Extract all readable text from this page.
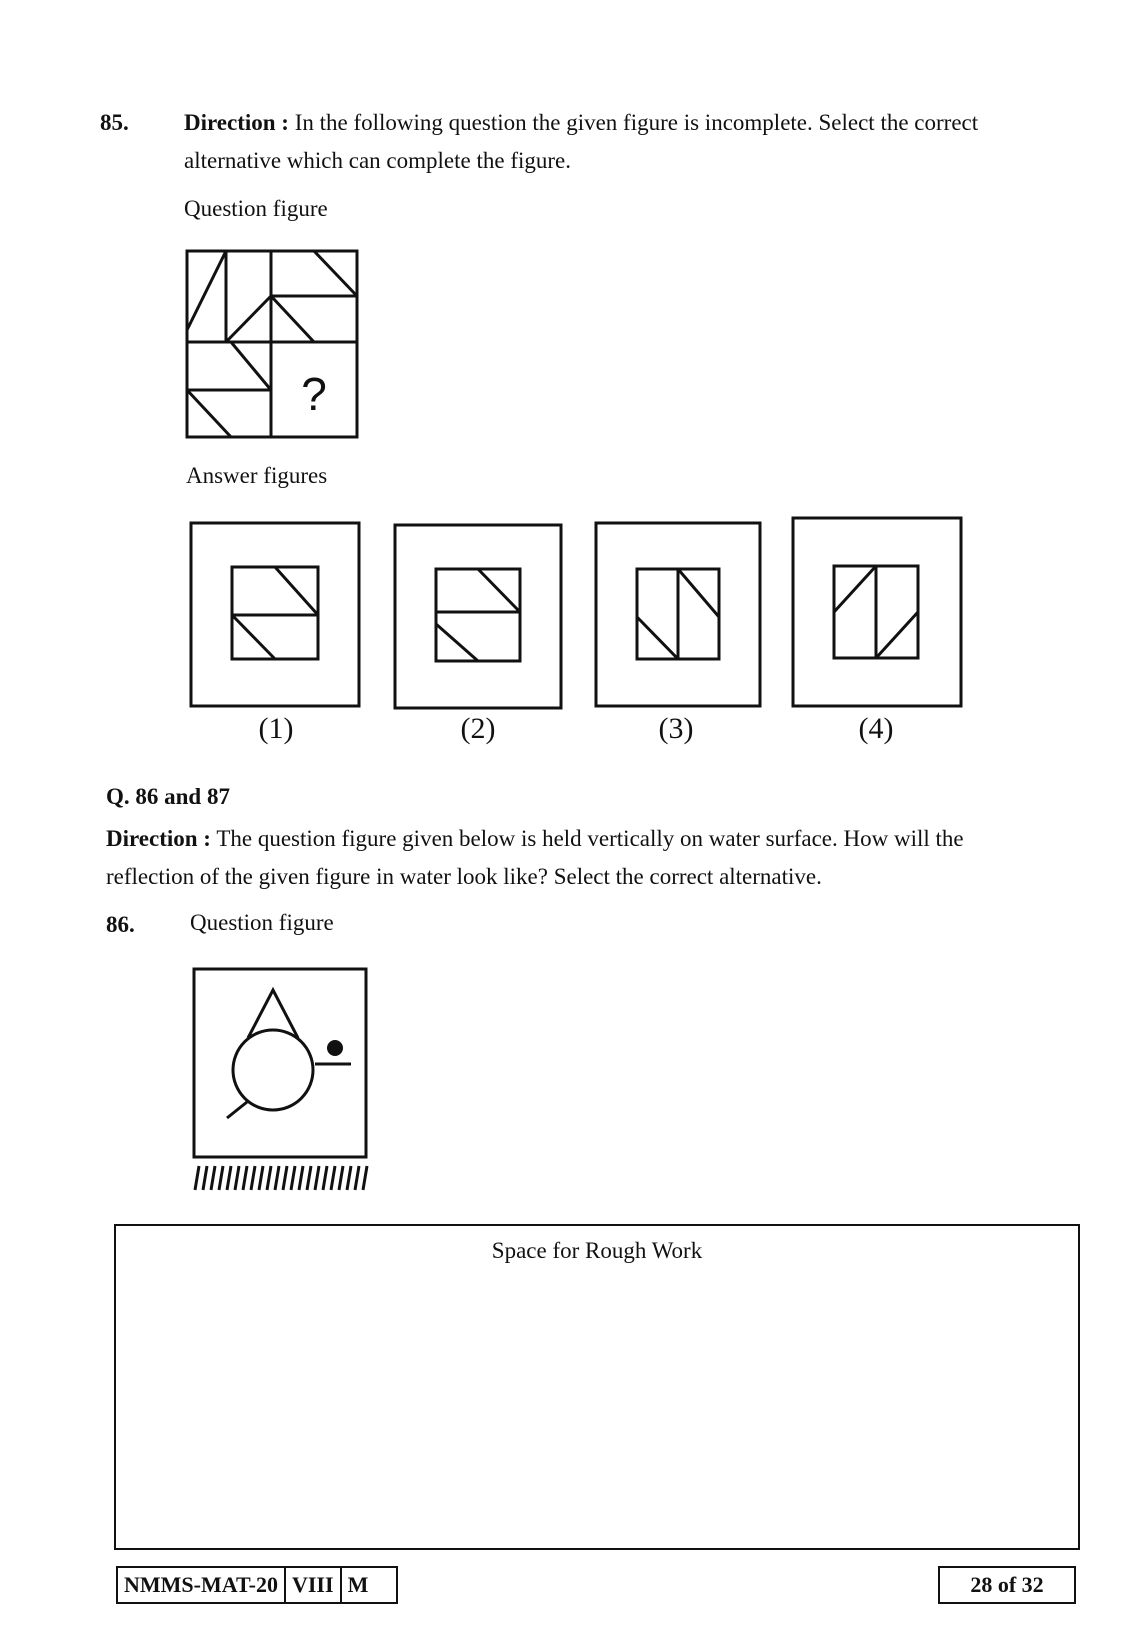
85. Direction : In the following question the given figure is incomplete. Select the correct
alternative which can complete the figure.
Question figure
?
Answer figures
(1)	(2)	(3)	(4)
Q. 86 and 87
Direction : The question figure given below is held vertically on water surface. How will the
reflection of the given figure in water look like? Select the correct alternative.
86. Question figure
Space for Rough Work
NMMS-MAT-20 VIII M	28 of 32
